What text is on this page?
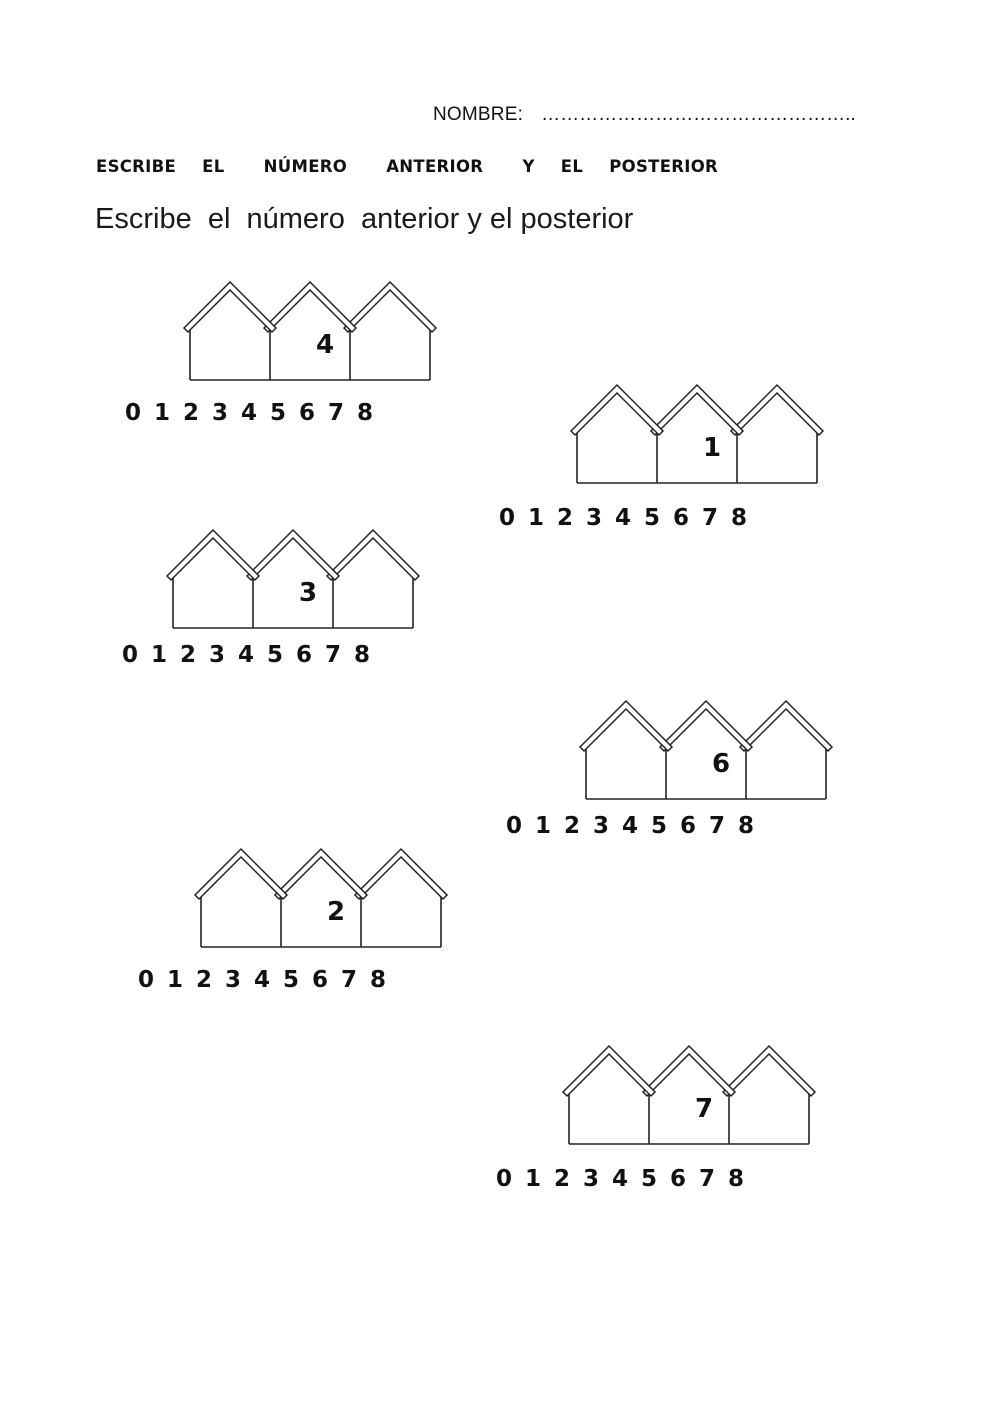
NOMBRE: …………………………………………..
ESCRIBE  EL   NÚMERO   ANTERIOR   Y  EL  POSTERIOR
Escribe  el  número  anterior y el posterior
4
0 1 2 3 4 5 6 7 8
1
0 1 2 3 4 5 6 7 8
3
0 1 2 3 4 5 6 7 8
6
0 1 2 3 4 5 6 7 8
2
0 1 2 3 4 5 6 7 8
7
0 1 2 3 4 5 6 7 8
